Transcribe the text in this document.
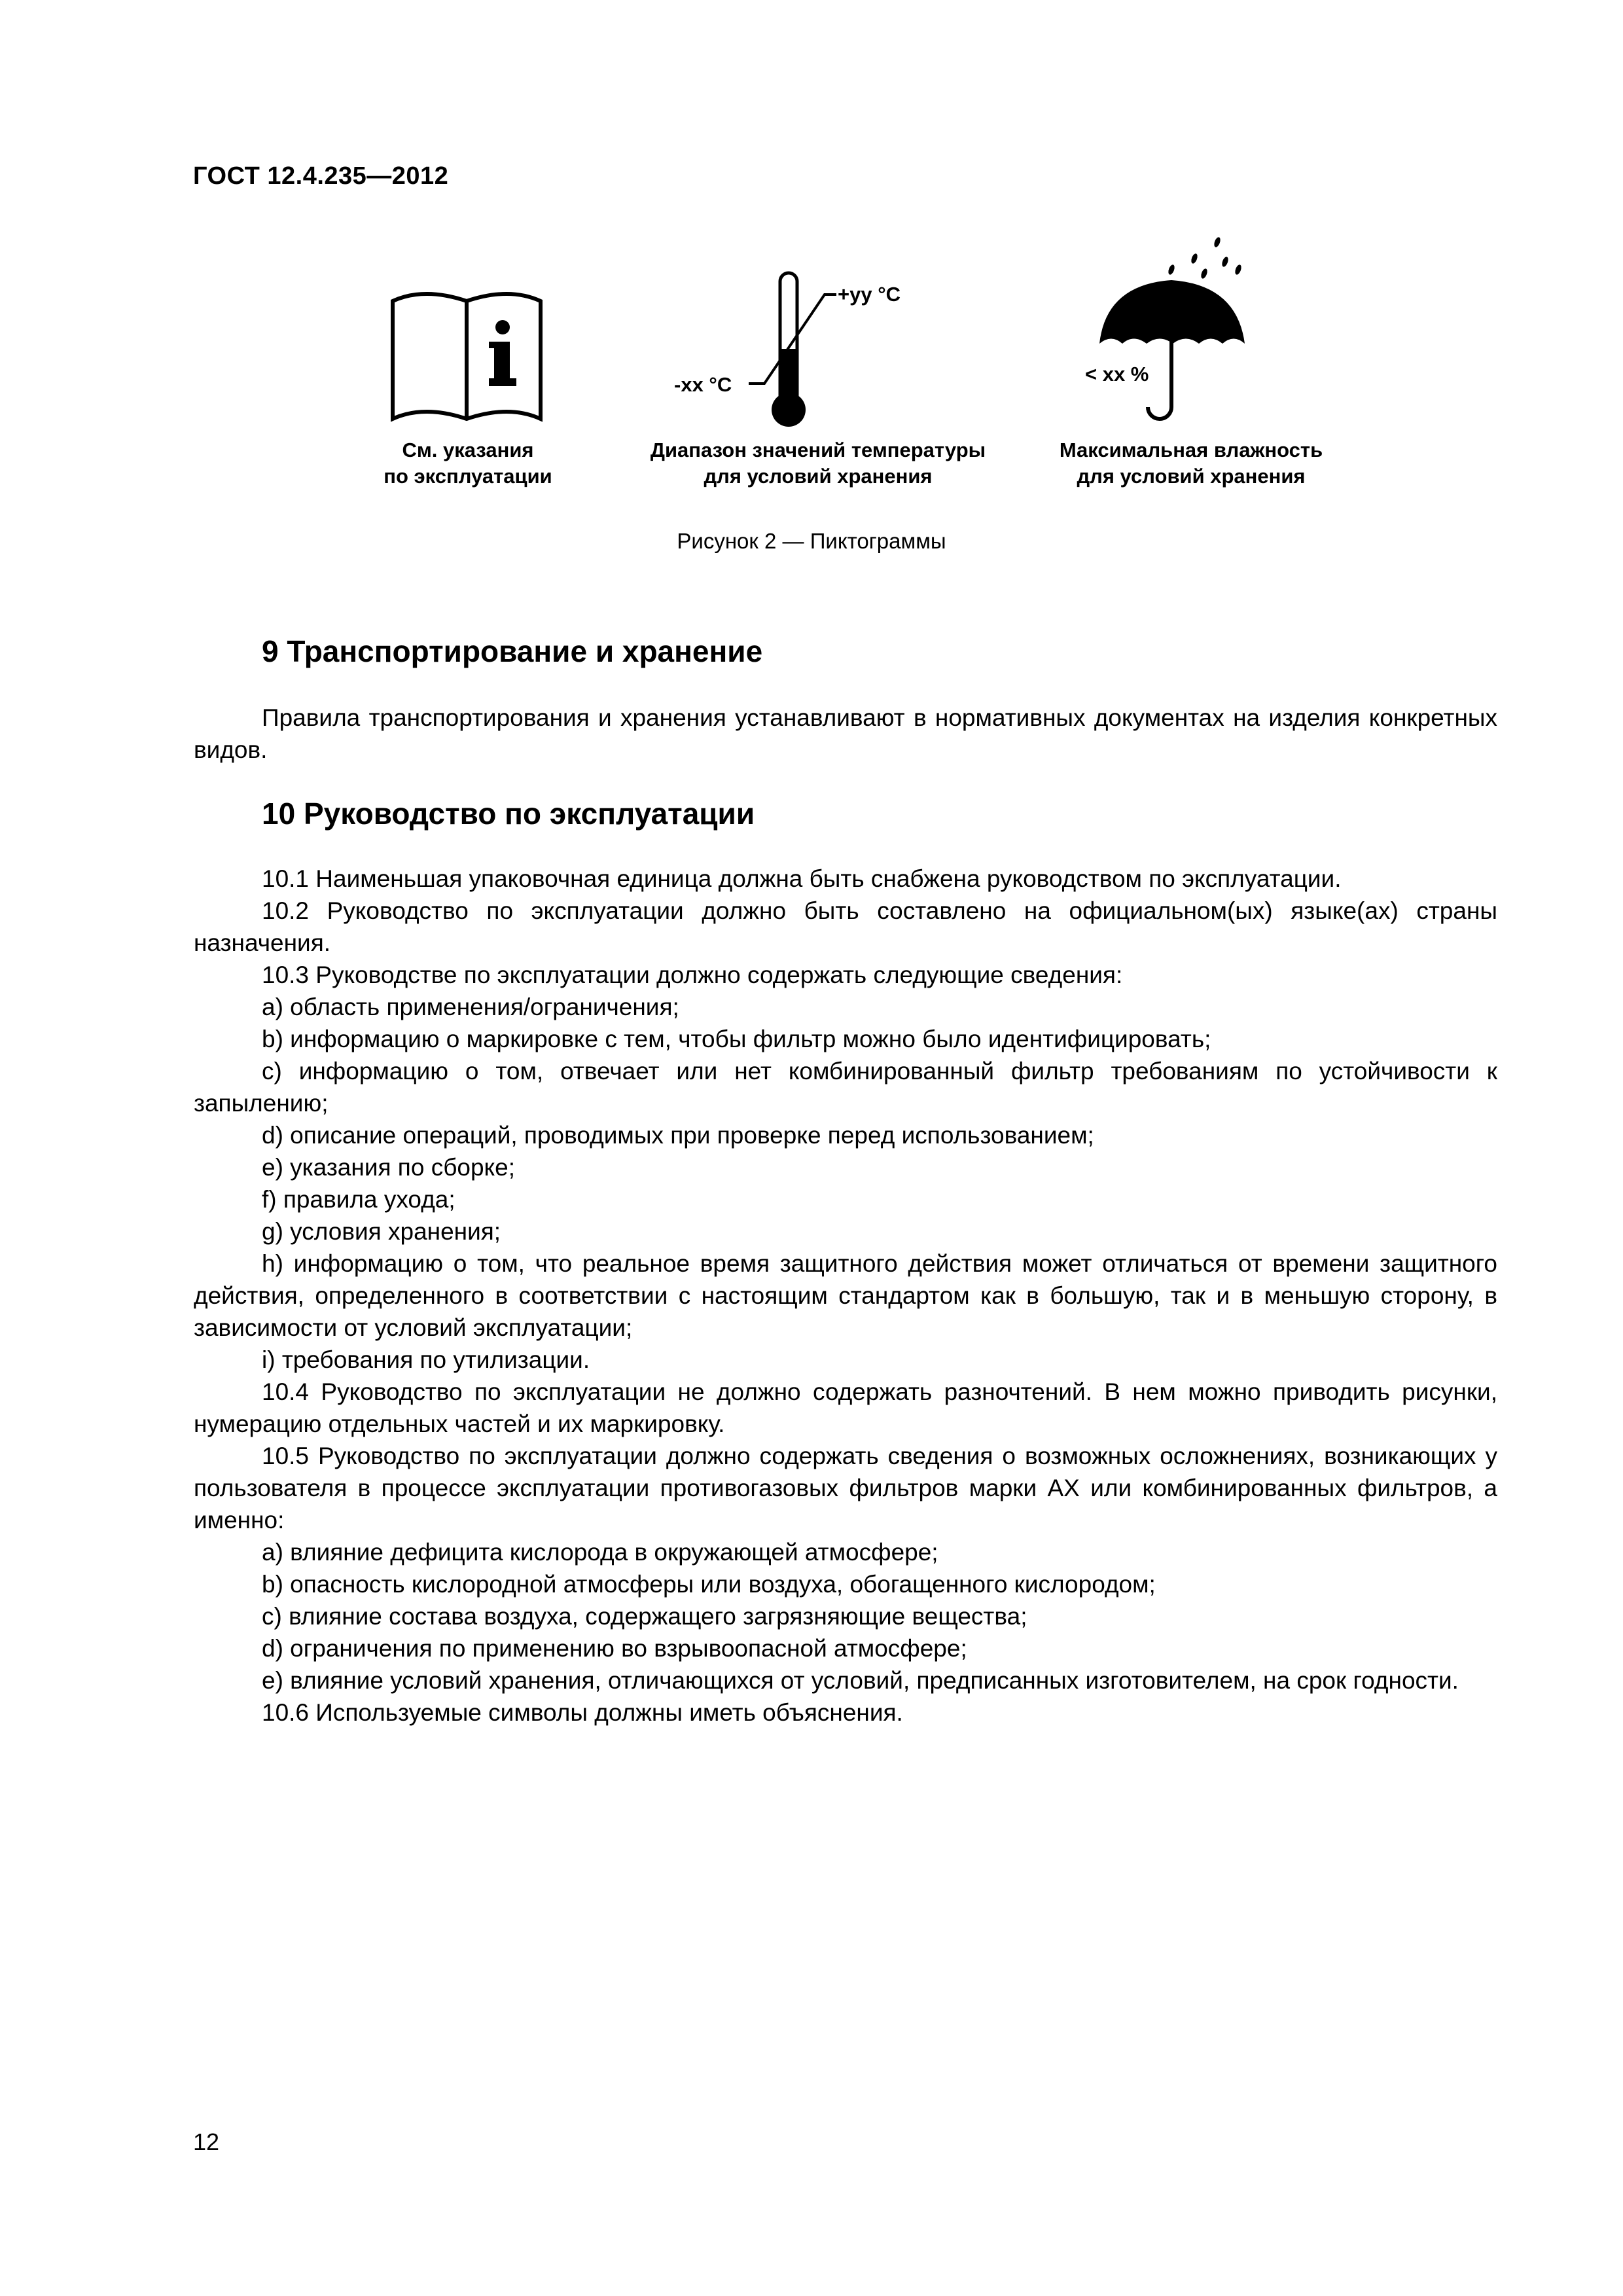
ГОСТ 12.4.235—2012
См. указания
по эксплуатации
+yy °C
-xx °C
Диапазон значений температуры
для условий хранения
< xx %
Максимальная влажность
для условий хранения
Рисунок 2 — Пиктограммы
9 Транспортирование и хранение

Правила транспортирования и хранения устанавливают в нормативных документах на изделия конкретных видов.

10 Руководство по эксплуатации

10.1 Наименьшая упаковочная единица должна быть снабжена руководством по эксплуатации.

10.2 Руководство по эксплуатации должно быть составлено на официальном(ых) языке(ах) страны назначения.

10.3 Руководстве по эксплуатации должно содержать следующие сведения:

a) область применения/ограничения;

b) информацию о маркировке с тем, чтобы фильтр можно было идентифицировать;

c) информацию о том, отвечает или нет комбинированный фильтр требованиям по устойчивости к запылению;

d) описание операций, проводимых при проверке перед использованием;

e) указания по сборке;

f) правила ухода;

g) условия хранения;

h) информацию о том, что реальное время защитного действия может отличаться от времени защитного действия, определенного в соответствии с настоящим стандартом как в большую, так и в меньшую сторону, в зависимости от условий эксплуатации;

i) требования по утилизации.

10.4 Руководство по эксплуатации не должно содержать разночтений. В нем можно приводить рисунки, нумерацию отдельных частей и их маркировку.

10.5 Руководство по эксплуатации должно содержать сведения о возможных осложнениях, возникающих у пользователя в процессе эксплуатации противогазовых фильтров марки АХ или комбинированных фильтров, а именно:

a) влияние дефицита кислорода в окружающей атмосфере;

b) опасность кислородной атмосферы или воздуха, обогащенного кислородом;

c) влияние состава воздуха, содержащего загрязняющие вещества;

d) ограничения по применению во взрывоопасной атмосфере;

e) влияние условий хранения, отличающихся от условий, предписанных изготовителем, на срок годности.

10.6 Используемые символы должны иметь объяснения.

12
